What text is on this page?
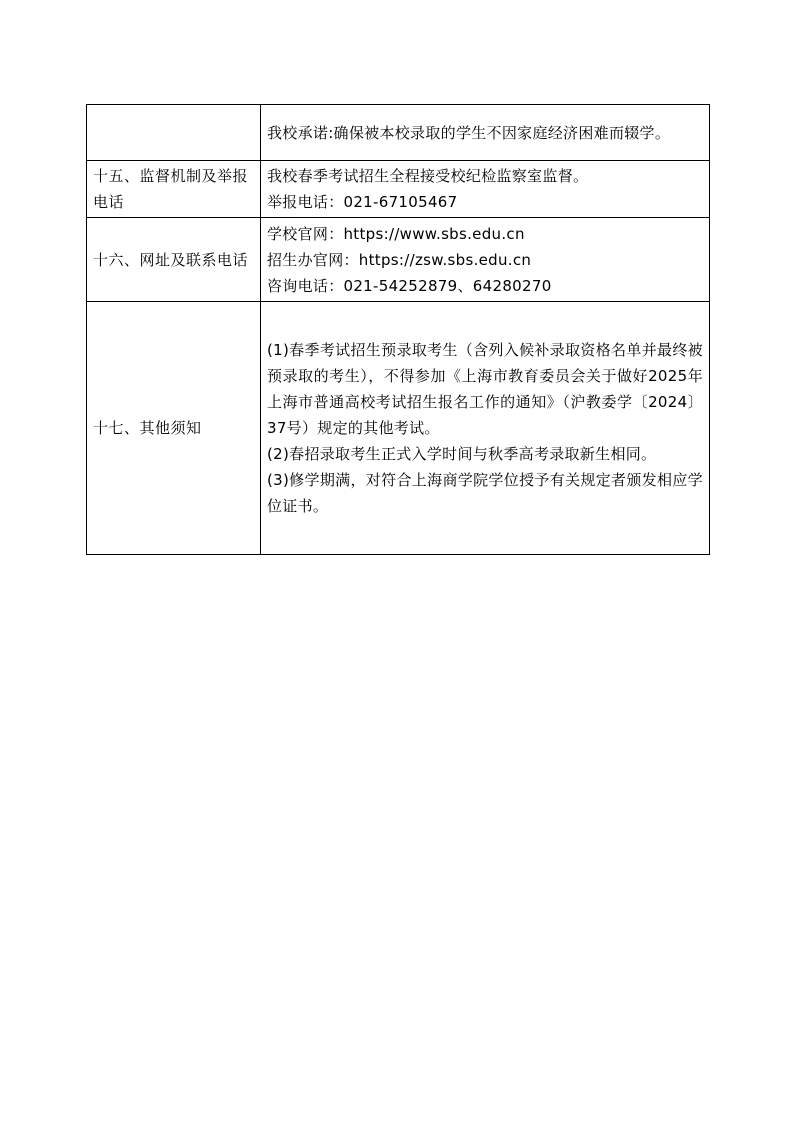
	我校承诺:确保被本校录取的学生不因家庭经济困难而辍学。

十五、监督机制及举报电话	我校春季考试招生全程接受校纪检监察室监督。
举报电话：021-67105467

十六、网址及联系电话	学校官网：https://www.sbs.edu.cn
招生办官网：https://zsw.sbs.edu.cn
咨询电话：021-54252879、64280270

十七、其他须知	(1)春季考试招生预录取考生（含列入候补录取资格名单并最终被预录取的考生），不得参加《上海市教育委员会关于做好2025年上海市普通高校考试招生报名工作的通知》（沪教委学〔2024〕37号）规定的其他考试。
(2)春招录取考生正式入学时间与秋季高考录取新生相同。
(3)修学期满，对符合上海商学院学位授予有关规定者颁发相应学位证书。
